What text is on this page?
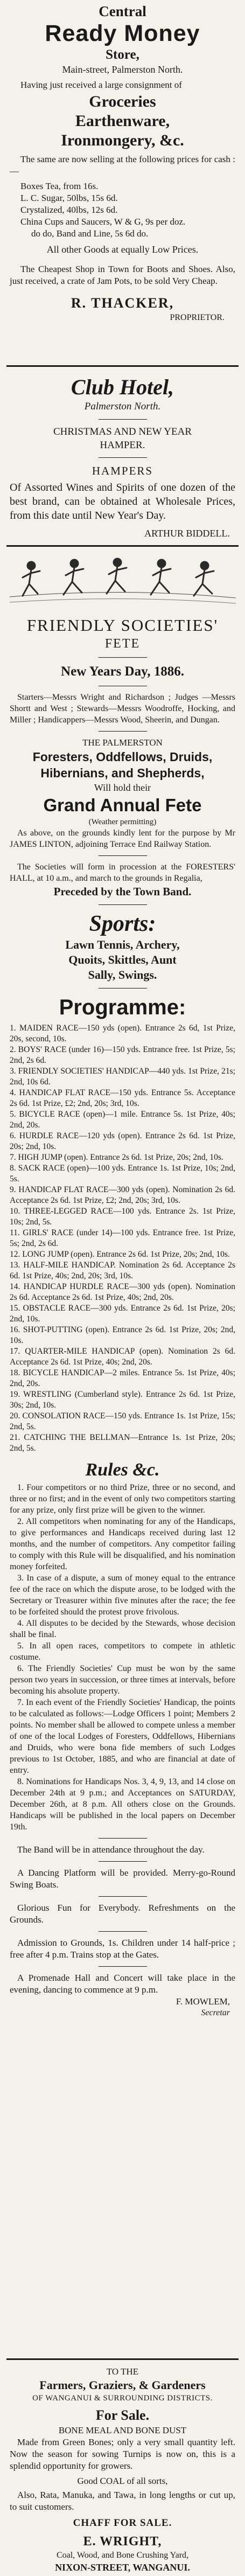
Central

Ready Money

Store,

Main-street, Palmerston North.

Having just received a large consignment of

Groceries

Earthenware,

Ironmongery, &c.

The same are now selling at the following prices for cash :—

Boxes Tea, from 16s.

L. C. Sugar, 50lbs, 15s 6d.

Crystalized, 40lbs, 12s 6d.

China Cups and Saucers, W & G, 9s per doz.

do do, Band and Line, 5s 6d do.

All other Goods at equally Low Prices.

The Cheapest Shop in Town for Boots and Shoes. Also, just received, a crate of Jam Pots, to be sold Very Cheap.

R. THACKER,

PROPRIETOR.

Club Hotel,

Palmerston North.

CHRISTMAS AND NEW YEAR HAMPER.

HAMPERS

Of Assorted Wines and Spirits of one dozen of the best brand, can be obtained at Wholesale Prices, from this date until New Year's Day.

ARTHUR BIDDELL.

FRIENDLY SOCIETIES'

FETE

New Years Day, 1886.

Starters—Messrs Wright and Richardson ; Judges —Messrs Shortt and West ; Stewards—Messrs Woodroffe, Hocking, and Miller ; Handicappers—Messrs Wood, Sheerin, and Dungan.

THE PALMERSTON

Foresters, Oddfellows, Druids,

Hibernians, and Shepherds,

Will hold their

Grand Annual Fete

(Weather permitting)

As above, on the grounds kindly lent for the purpose by Mr JAMES LINTON, adjoining Terrace End Railway Station.

The Societies will form in procession at the FORESTERS' HALL, at 10 a.m., and march to the grounds in Regalia,

Preceded by the Town Band.

Sports:

Lawn Tennis, Archery,

Quoits, Skittles, Aunt

Sally, Swings.

Programme:

1. MAIDEN RACE—150 yds (open). Entrance 2s 6d, 1st Prize, 20s, second, 10s.

2. BOYS' RACE (under 16)—150 yds. Entrance free. 1st Prize, 5s; 2nd, 2s 6d.

3. FRIENDLY SOCIETIES' HANDICAP—440 yds. 1st Prize, 21s; 2nd, 10s 6d.

4. HANDICAP FLAT RACE—150 yds. Entrance 5s. Acceptance 2s 6d. 1st Prize, £2; 2nd, 20s; 3rd, 10s.

5. BICYCLE RACE (open)—1 mile. Entrance 5s. 1st Prize, 40s; 2nd, 20s.

6. HURDLE RACE—120 yds (open). Entrance 2s 6d. 1st Prize, 20s; 2nd, 10s.

7. HIGH JUMP (open). Entrance 2s 6d. 1st Prize, 20s; 2nd, 10s.

8. SACK RACE (open)—100 yds. Entrance 1s. 1st Prize, 10s; 2nd, 5s.

9. HANDICAP FLAT RACE—300 yds (open). Nomination 2s 6d. Acceptance 2s 6d. 1st Prize, £2; 2nd, 20s; 3rd, 10s.

10. THREE-LEGGED RACE—100 yds. Entrance 2s. 1st Prize, 10s; 2nd, 5s.

11. GIRLS' RACE (under 14)—100 yds. Entrance free. 1st Prize, 5s; 2nd, 2s 6d.

12. LONG JUMP (open). Entrance 2s 6d. 1st Prize, 20s; 2nd, 10s.

13. HALF-MILE HANDICAP. Nomination 2s 6d. Acceptance 2s 6d. 1st Prize, 40s; 2nd, 20s; 3rd, 10s.

14. HANDICAP HURDLE RACE—300 yds (open). Nomination 2s 6d. Acceptance 2s 6d. 1st Prize, 40s; 2nd, 20s.

15. OBSTACLE RACE—300 yds. Entrance 2s 6d. 1st Prize, 20s; 2nd, 10s.

16. SHOT-PUTTING (open). Entrance 2s 6d. 1st Prize, 20s; 2nd, 10s.

17. QUARTER-MILE HANDICAP (open). Nomination 2s 6d. Acceptance 2s 6d. 1st Prize, 40s; 2nd, 20s.

18. BICYCLE HANDICAP—2 miles. Entrance 5s. 1st Prize, 40s; 2nd, 20s.

19. WRESTLING (Cumberland style). Entrance 2s 6d. 1st Prize, 30s; 2nd, 10s.

20. CONSOLATION RACE—150 yds. Entrance 1s. 1st Prize, 15s; 2nd, 5s.

21. CATCHING THE BELLMAN—Entrance 1s. 1st Prize, 20s; 2nd, 5s.

Rules &c.

1. Four competitors or no third Prize, three or no second, and three or no first; and in the event of only two competitors starting for any prize, only first prize will be given to the winner.

2. All competitors when nominating for any of the Handicaps, to give performances and Handicaps received during last 12 months, and the number of competitors. Any competitor failing to comply with this Rule will be disqualified, and his nomination money forfeited.

3. In case of a dispute, a sum of money equal to the entrance fee of the race on which the dispute arose, to be lodged with the Secretary or Treasurer within five minutes after the race; the fee to be forfeited should the protest prove frivolous.

4. All disputes to be decided by the Stewards, whose decision shall be final.

5. In all open races, competitors to compete in athletic costume.

6. The Friendly Societies' Cup must be won by the same person two years in succession, or three times at intervals, before becoming his absolute property.

7. In each event of the Friendly Societies' Handicap, the points to be calculated as follows:—Lodge Officers 1 point; Members 2 points. No member shall be allowed to compete unless a member of one of the local Lodges of Foresters, Oddfellows, Hibernians and Druids, who were bona fide members of such Lodges previous to 1st October, 1885, and who are financial at date of entry.

8. Nominations for Handicaps Nos. 3, 4, 9, 13, and 14 close on December 24th at 9 p.m.; and Acceptances on SATURDAY, December 26th, at 8 p.m. All others close on the Grounds. Handicaps will be published in the local papers on December 19th.

The Band will be in attendance throughout the day.

A Dancing Platform will be provided. Merry-go-Round Swing Boats.

Glorious Fun for Everybody. Refreshments on the Grounds.

Admission to Grounds, 1s. Children under 14 half-price ; free after 4 p.m. Trains stop at the Gates.

A Promenade Hall and Concert will take place in the evening, dancing to commence at 9 p.m.

F. MOWLEM,

Secretar

TO THE

Farmers, Graziers, & Gardeners

OF WANGANUI & SURROUNDING DISTRICTS.

For Sale.

BONE MEAL AND BONE DUST

Made from Green Bones; only a very small quantity left. Now the season for sowing Turnips is now on, this is a splendid opportunity for growers.

Good COAL of all sorts,

Also, Rata, Manuka, and Tawa, in long lengths or cut up, to suit customers.

CHAFF FOR SALE.

E. WRIGHT,

Coal, Wood, and Bone Crushing Yard,

NIXON-STREET, WANGANUI.
